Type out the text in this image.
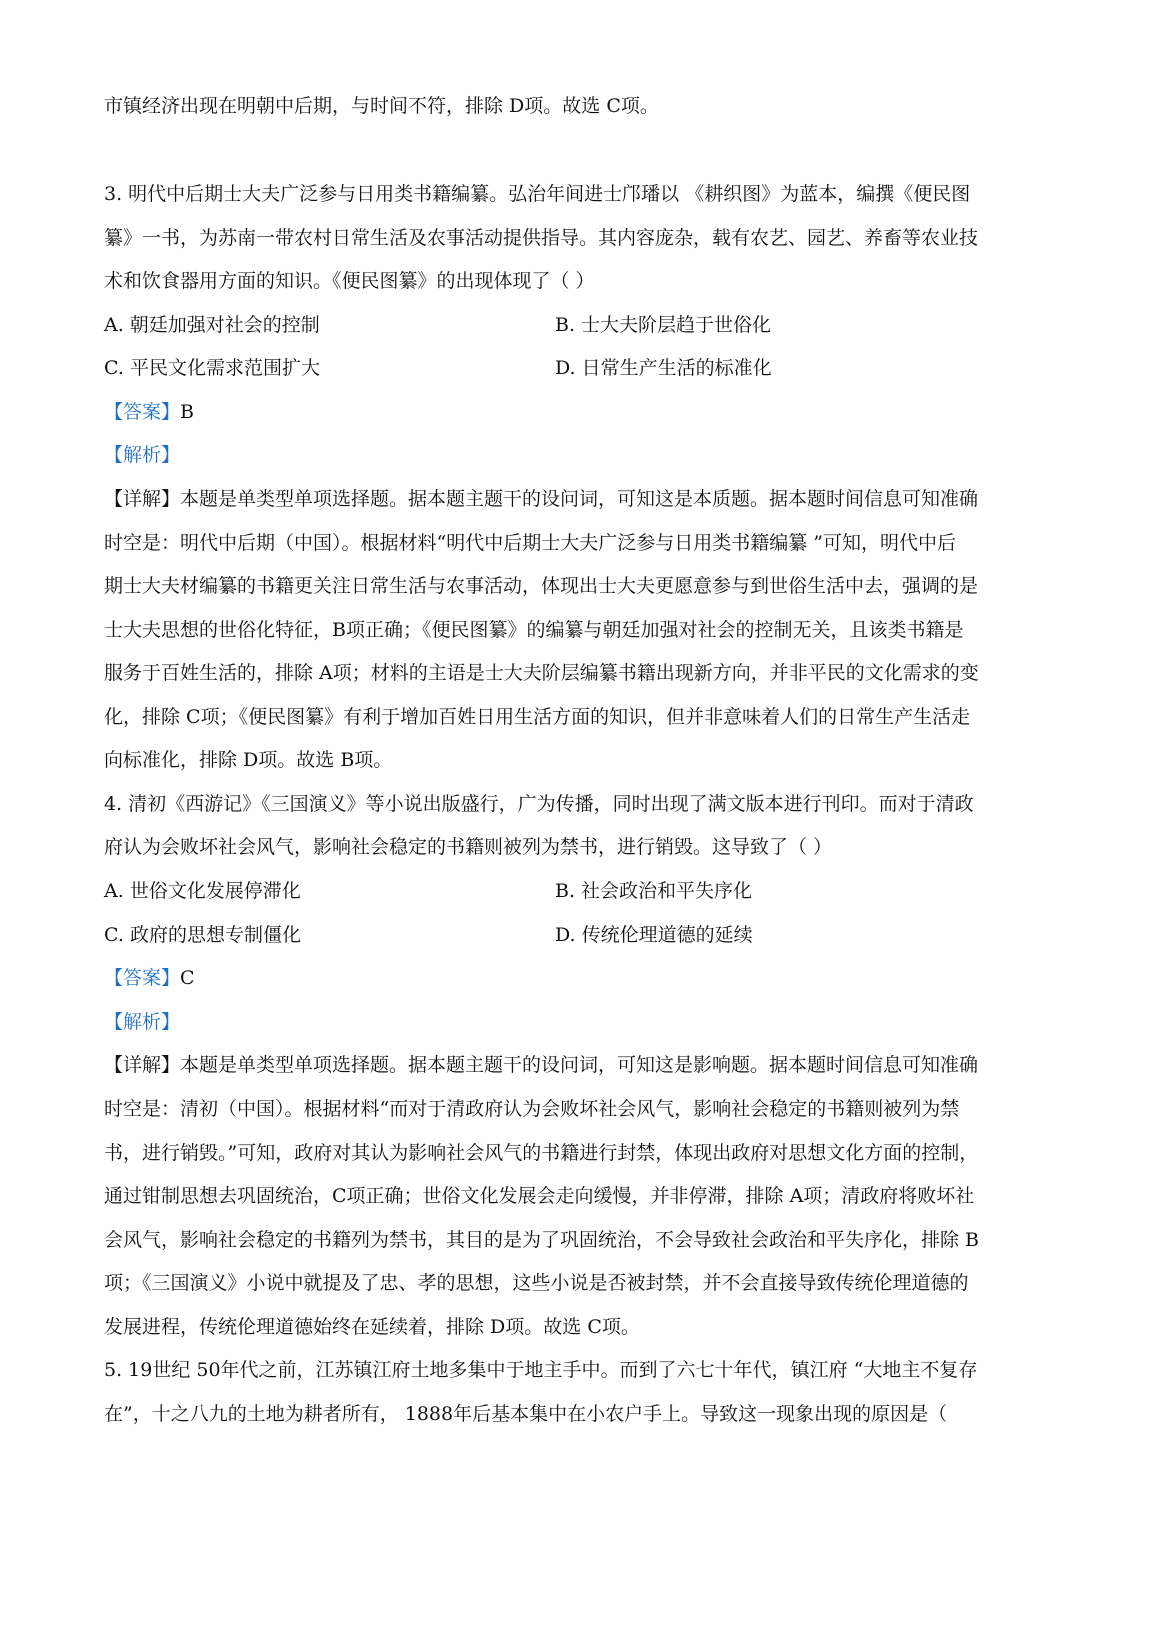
市镇经济出现在明朝中后期，与时间不符，排除 D项。故选 C项。
3. 明代中后期士大夫广泛参与日用类书籍编纂。弘治年间进士邝璠以 《耕织图》为蓝本，编撰《便民图
纂》一书，为苏南一带农村日常生活及农事活动提供指导。其内容庞杂，载有农艺、园艺、养畜等农业技
术和饮食器用方面的知识。《便民图纂》的出现体现了（ ）
A. 朝廷加强对社会的控制	B. 士大夫阶层趋于世俗化
C. 平民文化需求范围扩大	D. 日常生产生活的标准化
【答案】B
【解析】
【详解】本题是单类型单项选择题。据本题主题干的设问词，可知这是本质题。据本题时间信息可知准确
时空是：明代中后期（中国）。根据材料“明代中后期士大夫广泛参与日用类书籍编纂 ”可知，明代中后
期士大夫材编纂的书籍更关注日常生活与农事活动，体现出士大夫更愿意参与到世俗生活中去，强调的是
士大夫思想的世俗化特征，B项正确；《便民图纂》的编纂与朝廷加强对社会的控制无关，且该类书籍是
服务于百姓生活的，排除 A项；材料的主语是士大夫阶层编纂书籍出现新方向，并非平民的文化需求的变
化，排除 C项；《便民图纂》有利于增加百姓日用生活方面的知识，但并非意味着人们的日常生产生活走
向标准化，排除 D项。故选 B项。
4. 清初《西游记》《三国演义》等小说出版盛行，广为传播，同时出现了满文版本进行刊印。而对于清政
府认为会败坏社会风气，影响社会稳定的书籍则被列为禁书，进行销毁。这导致了（ ）
A. 世俗文化发展停滞化	B. 社会政治和平失序化
C. 政府的思想专制僵化	D. 传统伦理道德的延续
【答案】C
【解析】
【详解】本题是单类型单项选择题。据本题主题干的设问词，可知这是影响题。据本题时间信息可知准确
时空是：清初（中国）。根据材料“而对于清政府认为会败坏社会风气，影响社会稳定的书籍则被列为禁
书，进行销毁。”可知，政府对其认为影响社会风气的书籍进行封禁，体现出政府对思想文化方面的控制，
通过钳制思想去巩固统治，C项正确；世俗文化发展会走向缓慢，并非停滞，排除 A项；清政府将败坏社
会风气，影响社会稳定的书籍列为禁书，其目的是为了巩固统治，不会导致社会政治和平失序化，排除 B
项；《三国演义》小说中就提及了忠、孝的思想，这些小说是否被封禁，并不会直接导致传统伦理道德的
发展进程，传统伦理道德始终在延续着，排除 D项。故选 C项。
5. 19世纪 50年代之前，江苏镇江府土地多集中于地主手中。而到了六七十年代，镇江府 “大地主不复存
在”，十之八九的土地为耕者所有， 1888年后基本集中在小农户手上。导致这一现象出现的原因是（
